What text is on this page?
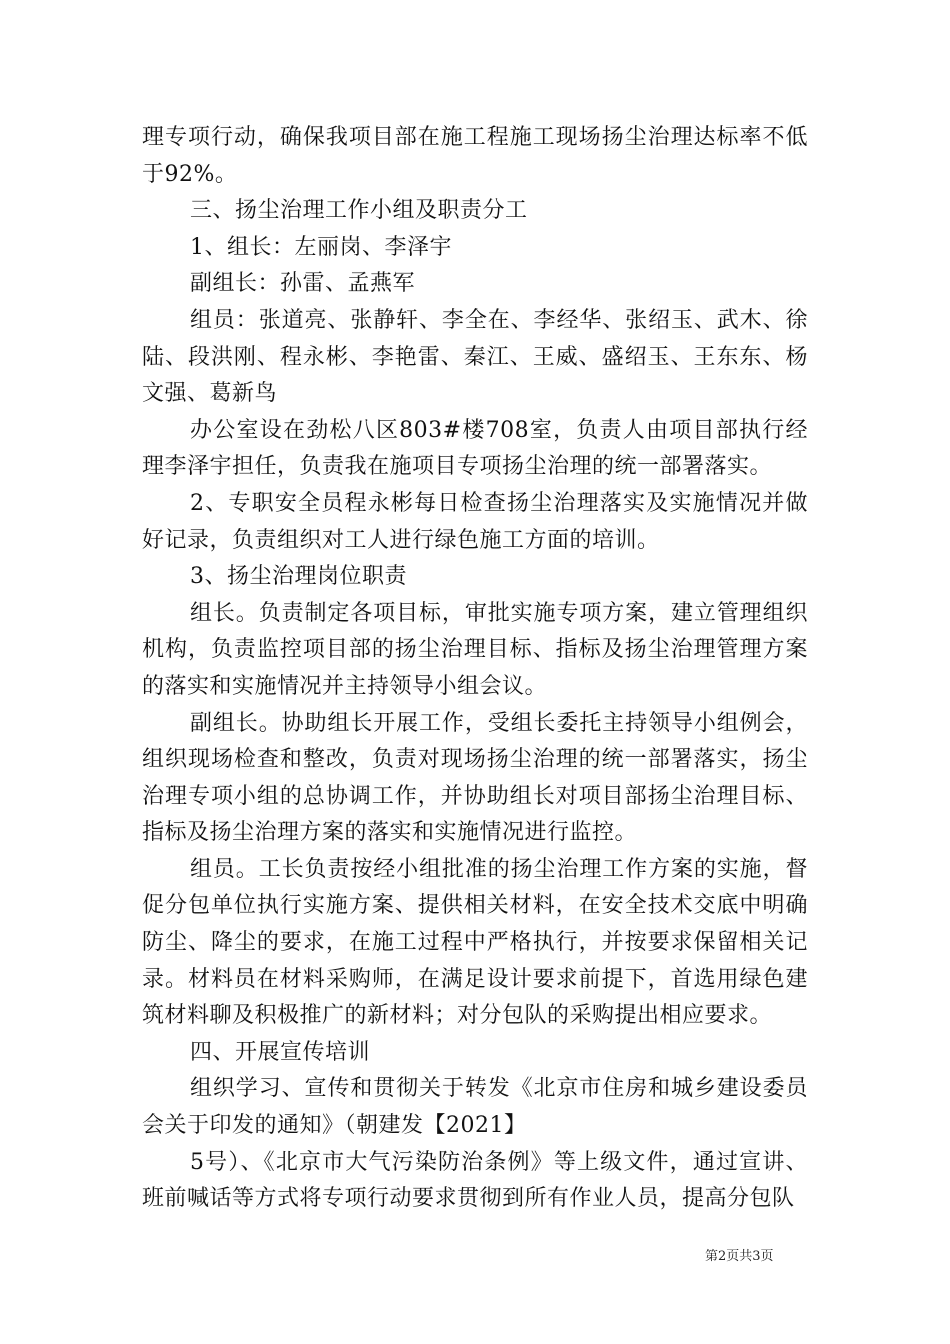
理专项行动，确保我项目部在施工程施工现场扬尘治理达标率不低于92%。

三、扬尘治理工作小组及职责分工

1、组长：左丽岗、李泽宇

副组长：孙雷、孟燕军

组员：张道亮、张静轩、李全在、李经华、张绍玉、武木、徐陆、段洪刚、程永彬、李艳雷、秦江、王威、盛绍玉、王东东、杨文强、葛新鸟

办公室设在劲松八区803#楼708室，负责人由项目部执行经理李泽宇担任，负责我在施项目专项扬尘治理的统一部署落实。

2、专职安全员程永彬每日检查扬尘治理落实及实施情况并做好记录，负责组织对工人进行绿色施工方面的培训。

3、扬尘治理岗位职责

组长。负责制定各项目标，审批实施专项方案，建立管理组织机构，负责监控项目部的扬尘治理目标、指标及扬尘治理管理方案的落实和实施情况并主持领导小组会议。

副组长。协助组长开展工作，受组长委托主持领导小组例会，组织现场检查和整改，负责对现场扬尘治理的统一部署落实，扬尘治理专项小组的总协调工作，并协助组长对项目部扬尘治理目标、指标及扬尘治理方案的落实和实施情况进行监控。

组员。工长负责按经小组批准的扬尘治理工作方案的实施，督促分包单位执行实施方案、提供相关材料，在安全技术交底中明确防尘、降尘的要求，在施工过程中严格执行，并按要求保留相关记录。材料员在材料采购师，在满足设计要求前提下，首选用绿色建筑材料聊及积极推广的新材料；对分包队的采购提出相应要求。

四、开展宣传培训

组织学习、宣传和贯彻关于转发《北京市住房和城乡建设委员会关于印发的通知》（朝建发【2021】

5号）、《北京市大气污染防治条例》等上级文件，通过宣讲、班前喊话等方式将专项行动要求贯彻到所有作业人员，提高分包队

第2页共3页
